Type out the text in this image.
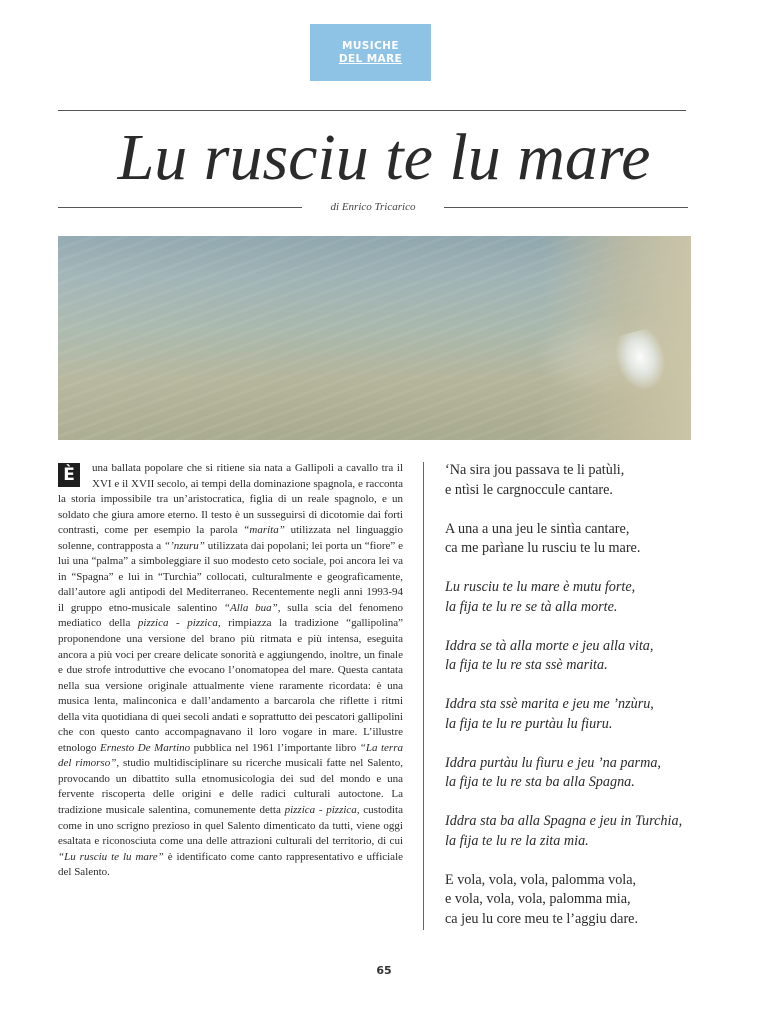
MUSICHE
DEL MARE
Lu rusciu te lu mare
di Enrico Tricarico

È	una ballata popolare che si ritiene sia nata a Gallipoli a cavallo tra il XVI e il XVII secolo, ai tempi della dominazione spagnola, e racconta la storia impossibile tra un’aristocratica, figlia di un reale spagnolo, e un soldato che giura amore eterno. Il testo è un susseguirsi di dicotomie dai forti contrasti, come per esempio la parola “marita” utilizzata nel linguaggio solenne, contrapposta a “’nzuru” utilizzata dai popolani; lei porta un “fiore” e lui una “palma” a simboleggiare il suo modesto ceto sociale, poi ancora lei va in “Spagna” e lui in “Turchia” collocati, culturalmente e geograficamente, dall’autore agli antipodi del Mediterraneo. Recentemente negli anni 1993-94 il gruppo etno-musicale salentino “Alla bua”, sulla scia del fenomeno mediatico della pizzica - pizzica, rimpiazza la tradizione “gallipolina” proponendone una versione del brano più ritmata e più intensa, eseguita ancora a più voci per creare delicate sonorità e aggiungendo, inoltre, un finale e due strofe introduttive che evocano l’onomatopea del mare. Questa cantata nella sua versione originale attualmente viene raramente ricordata: è una musica lenta, malinconica e dall’andamento a barcarola che riflette i ritmi della vita quotidiana di quei secoli andati e soprattutto dei pescatori gallipolini che con questo canto accompagnavano il loro vogare in mare. L’illustre etnologo Ernesto De Martino pubblica nel 1961 l’importante libro “La terra del rimorso”, studio multidisciplinare su ricerche musicali fatte nel Salento, provocando un dibattito sulla etnomusicologia dei sud del mondo e una fervente riscoperta delle origini e delle radici culturali autoctone. La tradizione musicale salentina, comunemente detta pizzica - pizzica, custodita come in uno scrigno prezioso in quel Salento dimenticato da tutti, viene oggi esaltata e riconosciuta come una delle attrazioni culturali del territorio, di cui “Lu rusciu te lu mare” è identificato come canto rappresentativo e ufficiale del Salento.

‘Na sira jou passava te li patùli,
e ntìsi le cargnoccule cantare.
A una a una jeu le sintìa cantare,
ca me parìane lu rusciu te lu mare.
Lu rusciu te lu mare è mutu forte,
la fija te lu re se tà alla morte.
Iddra se tà alla morte e jeu alla vita,
la fija te lu re sta ssè marita.
Iddra sta ssè marita e jeu me ’nzùru,
la fija te lu re purtàu lu fiuru.
Iddra purtàu lu fiuru e jeu ’na parma,
la fija te lu re sta ba alla Spagna.
Iddra sta ba alla Spagna e jeu in Turchia,
la fija te lu re la zita mia.
E vola, vola, vola, palomma vola,
e vola, vola, vola, palomma mia,
ca jeu lu core meu te l’aggiu dare.
65
